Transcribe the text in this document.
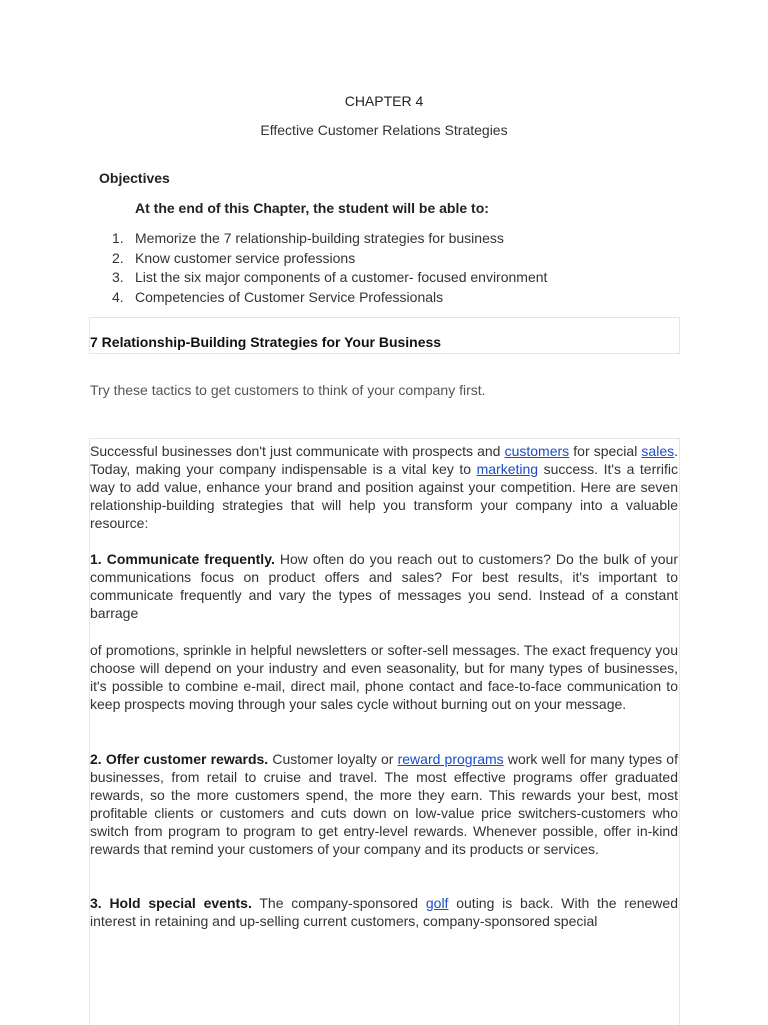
CHAPTER 4
Effective Customer Relations Strategies
Objectives
At the end of this Chapter, the student will be able to:
1. Memorize the 7 relationship-building strategies for business
2. Know customer service professions
3. List the six major components of a customer- focused environment
4. Competencies of Customer Service Professionals
7 Relationship-Building Strategies for Your Business
Try these tactics to get customers to think of your company first.
Successful businesses don't just communicate with prospects and customers for special sales. Today, making your company indispensable is a vital key to marketing success. It's a terrific way to add value, enhance your brand and position against your competition. Here are seven relationship-building strategies that will help you transform your company into a valuable resource:
1. Communicate frequently. How often do you reach out to customers? Do the bulk of your communications focus on product offers and sales? For best results, it's important to communicate frequently and vary the types of messages you send. Instead of a constant barrage
of promotions, sprinkle in helpful newsletters or softer-sell messages. The exact frequency you choose will depend on your industry and even seasonality, but for many types of businesses, it's possible to combine e-mail, direct mail, phone contact and face-to-face communication to keep prospects moving through your sales cycle without burning out on your message.
2. Offer customer rewards. Customer loyalty or reward programs work well for many types of businesses, from retail to cruise and travel. The most effective programs offer graduated rewards, so the more customers spend, the more they earn. This rewards your best, most profitable clients or customers and cuts down on low-value price switchers-customers who switch from program to program to get entry-level rewards. Whenever possible, offer in-kind rewards that remind your customers of your company and its products or services.
3. Hold special events. The company-sponsored golf outing is back. With the renewed interest in retaining and up-selling current customers, company-sponsored special
